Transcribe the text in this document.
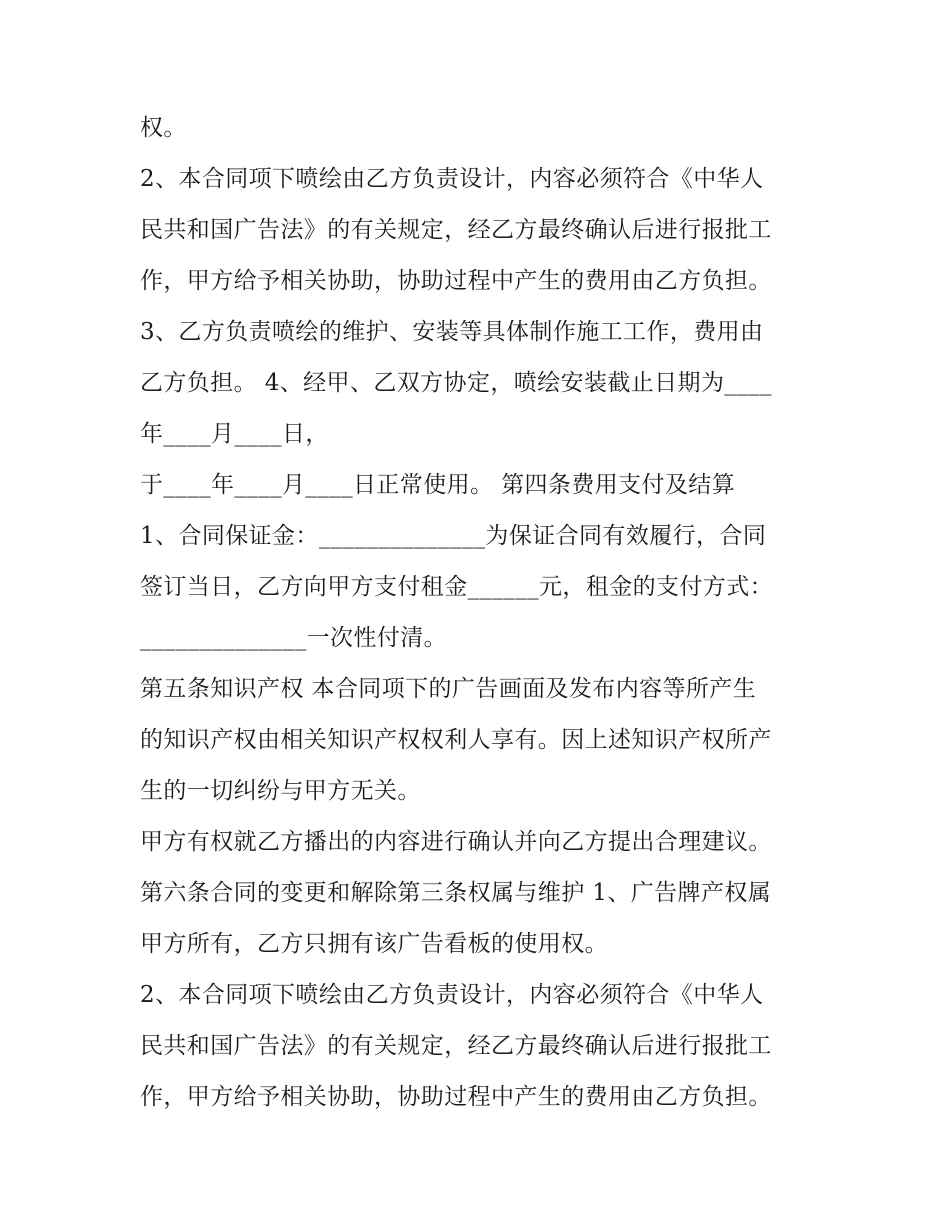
权。
2、本合同项下喷绘由乙方负责设计，内容必须符合《中华人
民共和国广告法》的有关规定，经乙方最终确认后进行报批工
作，甲方给予相关协助，协助过程中产生的费用由乙方负担。
3、乙方负责喷绘的维护、安装等具体制作施工工作，费用由
乙方负担。 4、经甲、乙双方协定，喷绘安装截止日期为____
年____月____日，
于____年____月____日正常使用。 第四条费用支付及结算
1、合同保证金：______________为保证合同有效履行，合同
签订当日，乙方向甲方支付租金______元，租金的支付方式：
______________一次性付清。
第五条知识产权 本合同项下的广告画面及发布内容等所产生
的知识产权由相关知识产权权利人享有。因上述知识产权所产
生的一切纠纷与甲方无关。
甲方有权就乙方播出的内容进行确认并向乙方提出合理建议。
第六条合同的变更和解除第三条权属与维护 1、广告牌产权属
甲方所有，乙方只拥有该广告看板的使用权。
2、本合同项下喷绘由乙方负责设计，内容必须符合《中华人
民共和国广告法》的有关规定，经乙方最终确认后进行报批工
作，甲方给予相关协助，协助过程中产生的费用由乙方负担。
